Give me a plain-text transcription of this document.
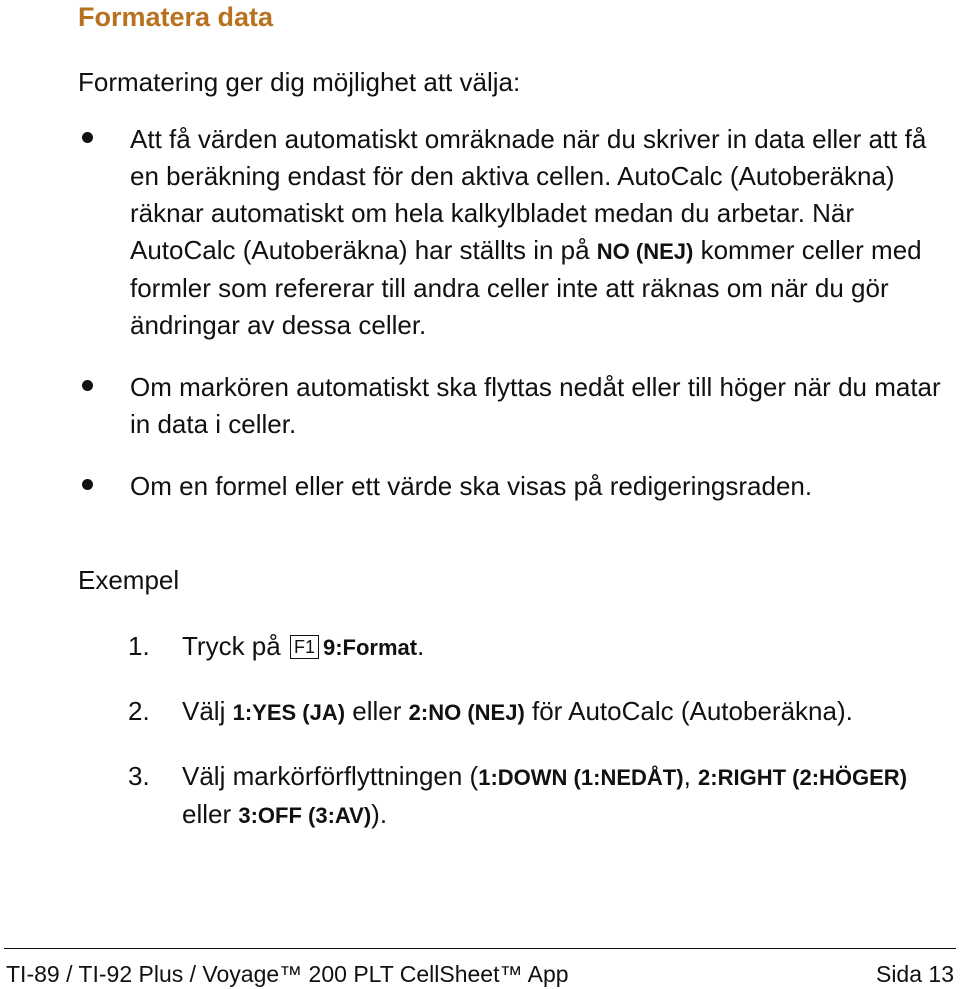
Formatera data
Formatering ger dig möjlighet att välja:
Att få värden automatiskt omräknade när du skriver in data eller att få en beräkning endast för den aktiva cellen. AutoCalc (Autoberäkna) räknar automatiskt om hela kalkylbladet medan du arbetar. När AutoCalc (Autoberäkna) har ställts in på NO (NEJ) kommer celler med formler som refererar till andra celler inte att räknas om när du gör ändringar av dessa celler.
Om markören automatiskt ska flyttas nedåt eller till höger när du matar in data i celler.
Om en formel eller ett värde ska visas på redigeringsraden.
Exempel
1. Tryck på F1 9:Format.
2. Välj 1:YES (JA) eller 2:NO (NEJ) för AutoCalc (Autoberäkna).
3. Välj markörförflyttningen (1:DOWN (1:NEDÅT), 2:RIGHT (2:HÖGER) eller 3:OFF (3:AV)).
TI-89 / TI-92 Plus / Voyage™ 200 PLT CellSheet™ App	Sida 13
